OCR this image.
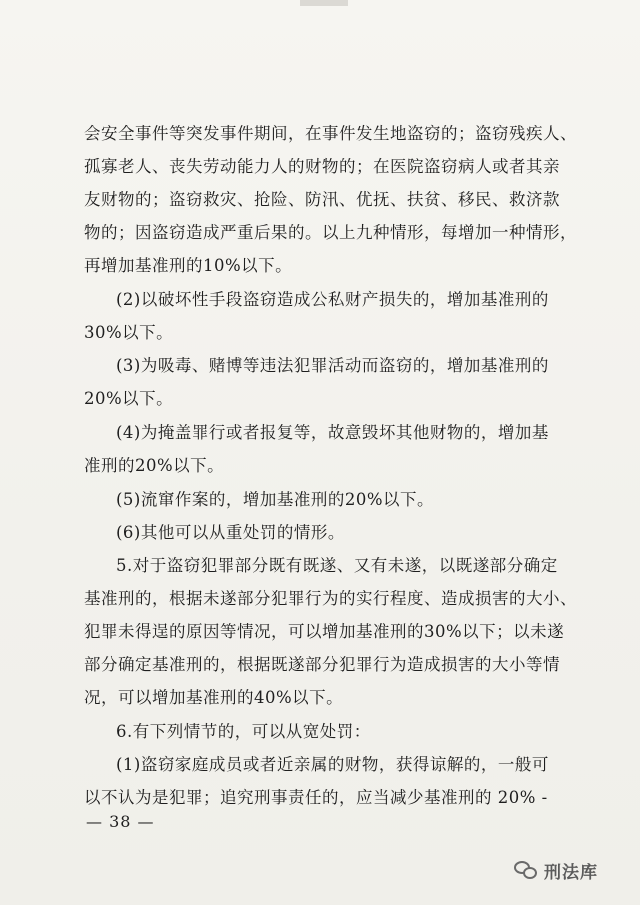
会安全事件等突发事件期间，在事件发生地盗窃的；盗窃残疾人、
孤寡老人、丧失劳动能力人的财物的；在医院盗窃病人或者其亲
友财物的；盗窃救灾、抢险、防汛、优抚、扶贫、移民、救济款
物的；因盗窃造成严重后果的。以上九种情形，每增加一种情形，
再增加基准刑的10%以下。
(2)以破坏性手段盗窃造成公私财产损失的，增加基准刑的
30%以下。
(3)为吸毒、赌博等违法犯罪活动而盗窃的，增加基准刑的
20%以下。
(4)为掩盖罪行或者报复等，故意毁坏其他财物的，增加基
准刑的20%以下。
(5)流窜作案的，增加基准刑的20%以下。
(6)其他可以从重处罚的情形。
5.对于盗窃犯罪部分既有既遂、又有未遂，以既遂部分确定
基准刑的，根据未遂部分犯罪行为的实行程度、造成损害的大小、
犯罪未得逞的原因等情况，可以增加基准刑的30%以下；以未遂
部分确定基准刑的，根据既遂部分犯罪行为造成损害的大小等情
况，可以增加基准刑的40%以下。
6.有下列情节的，可以从宽处罚：
(1)盗窃家庭成员或者近亲属的财物，获得谅解的，一般可
以不认为是犯罪；追究刑事责任的，应当减少基准刑的 20% -
— 38 —
刑法库
